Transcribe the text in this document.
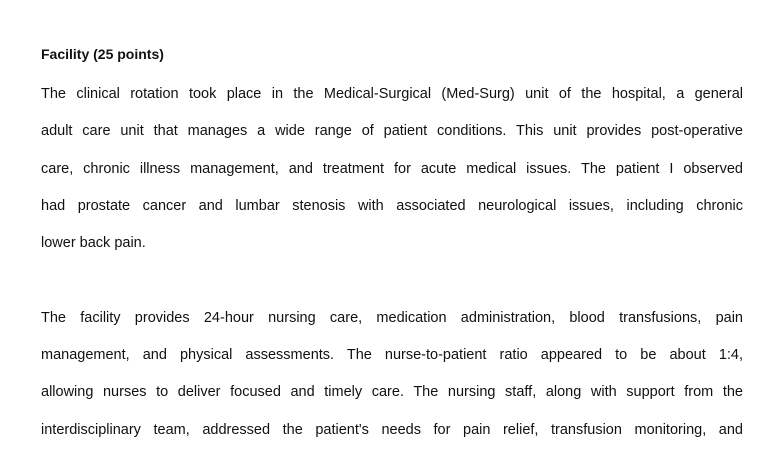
Facility (25 points)
The clinical rotation took place in the Medical-Surgical (Med-Surg) unit of the hospital, a general
adult care unit that manages a wide range of patient conditions. This unit provides post-operative
care, chronic illness management, and treatment for acute medical issues. The patient I observed
had prostate cancer and lumbar stenosis with associated neurological issues, including chronic
lower back pain.
The facility provides 24-hour nursing care, medication administration, blood transfusions, pain
management, and physical assessments. The nurse-to-patient ratio appeared to be about 1:4,
allowing nurses to deliver focused and timely care. The nursing staff, along with support from the
interdisciplinary team, addressed the patient's needs for pain relief, transfusion monitoring, and
